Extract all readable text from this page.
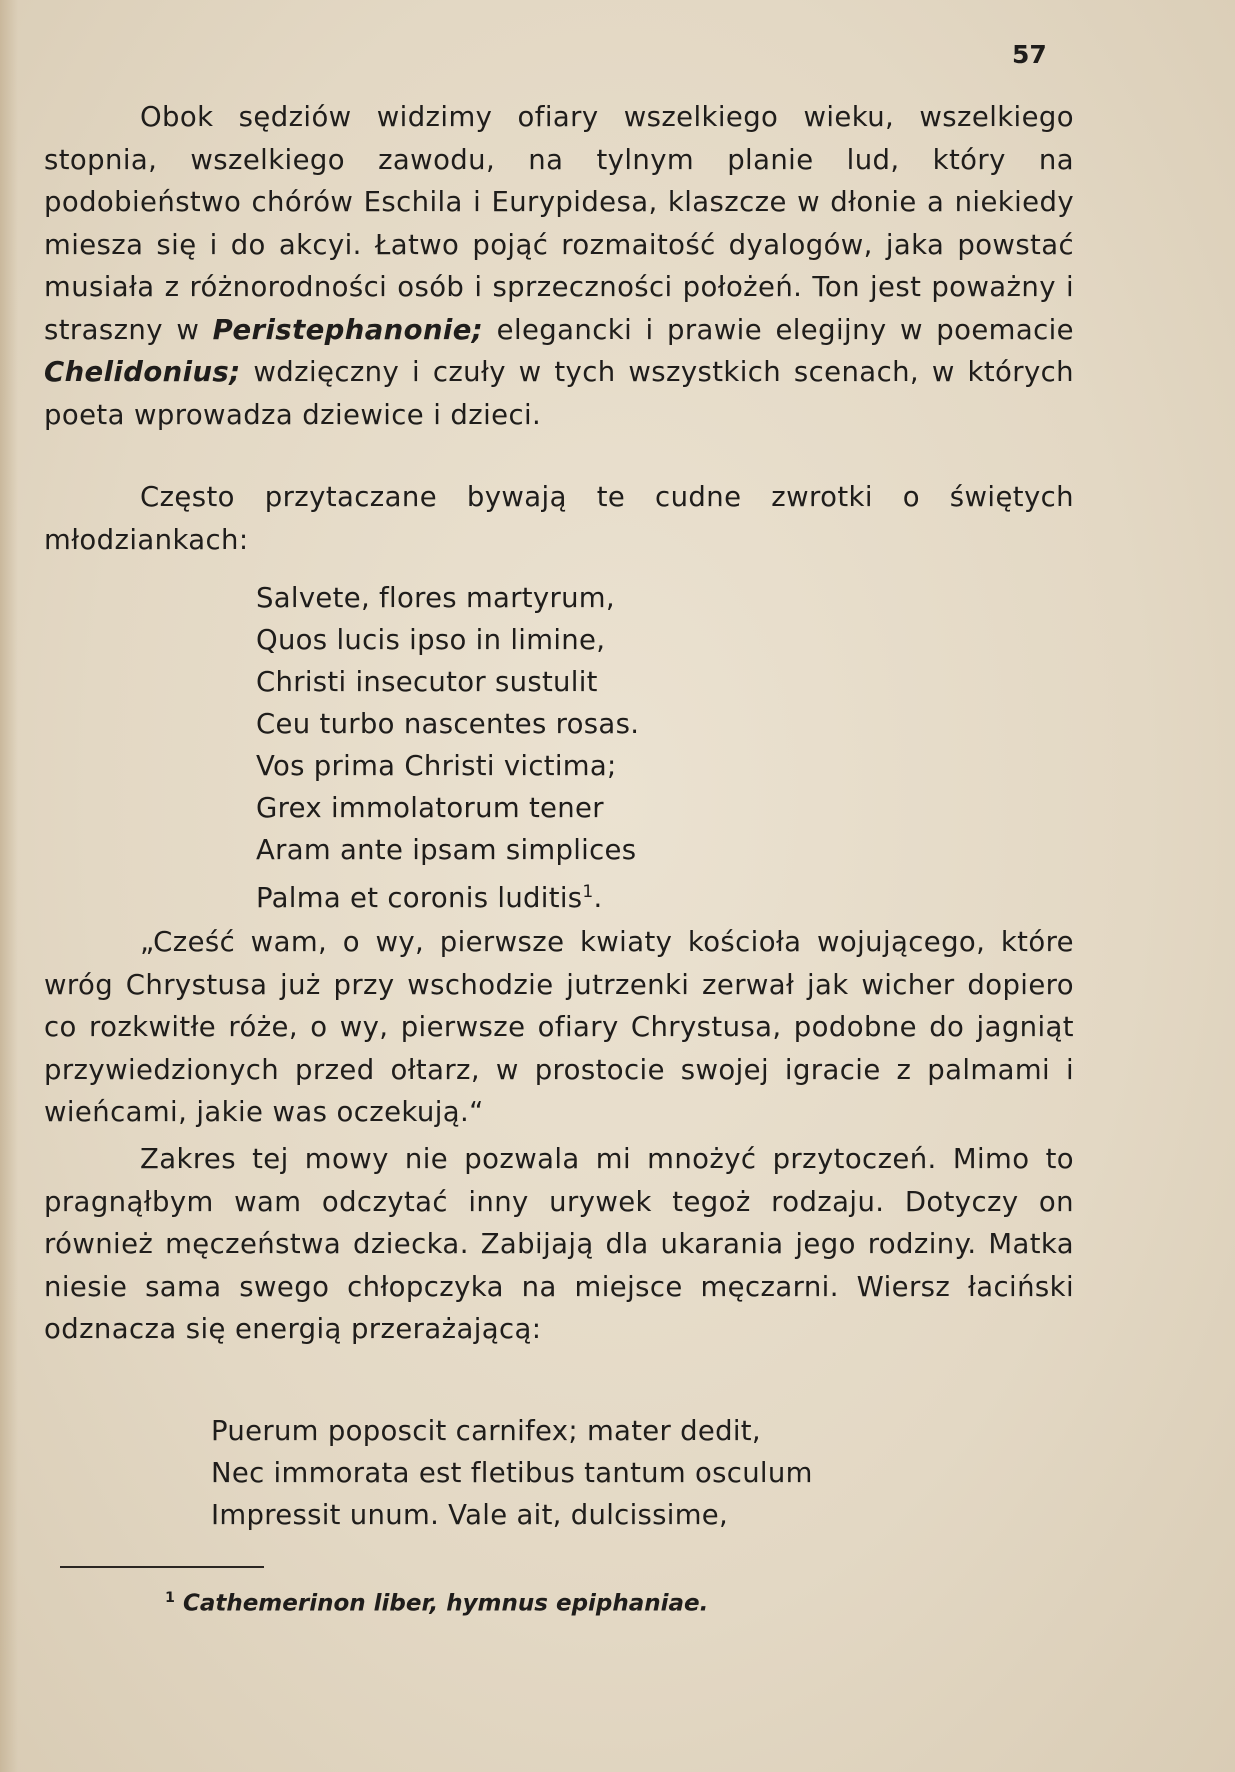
57

Obok sędziów widzimy ofiary wszelkiego wieku, wszelkiego stopnia, wszelkiego zawodu, na tylnym planie lud, który na podobieństwo chórów Eschila i Eurypidesa, klaszcze w dłonie a niekiedy miesza się i do akcyi. Łatwo pojąć rozmaitość dyalogów, jaka powstać musiała z różnorodności osób i sprzeczności położeń. Ton jest poważny i straszny w Peristephanonie; elegancki i prawie elegijny w poemacie Chelidonius; wdzięczny i czuły w tych wszystkich scenach, w których poeta wprowadza dziewice i dzieci.

Często przytaczane bywają te cudne zwrotki o świętych młodziankach:

Salvete, flores martyrum,
Quos lucis ipso in limine,
Christi insecutor sustulit
Ceu turbo nascentes rosas.
Vos prima Christi victima;
Grex immolatorum tener
Aram ante ipsam simplices
Palma et coronis luditis$^1$.

„Cześć wam, o wy, pierwsze kwiaty kościoła wojującego, które wróg Chrystusa już przy wschodzie jutrzenki zerwał jak wicher dopiero co rozkwitłe róże, o wy, pierwsze ofiary Chrystusa, podobne do jagniąt przywiedzionych przed ołtarz, w prostocie swojej igracie z palmami i wieńcami, jakie was oczekują.“

Zakres tej mowy nie pozwala mi mnożyć przytoczeń. Mimo to pragnąłbym wam odczytać inny urywek tegoż rodzaju. Dotyczy on również męczeństwa dziecka. Zabijają dla ukarania jego rodziny. Matka niesie sama swego chłopczyka na miejsce męczarni. Wiersz łaciński odznacza się energią przerażającą:

Puerum poposcit carnifex; mater dedit,
Nec immorata est fletibus tantum osculum
Impressit unum. Vale ait, dulcissime,
$^1$ Cathemerinon liber, hymnus epiphaniae.
